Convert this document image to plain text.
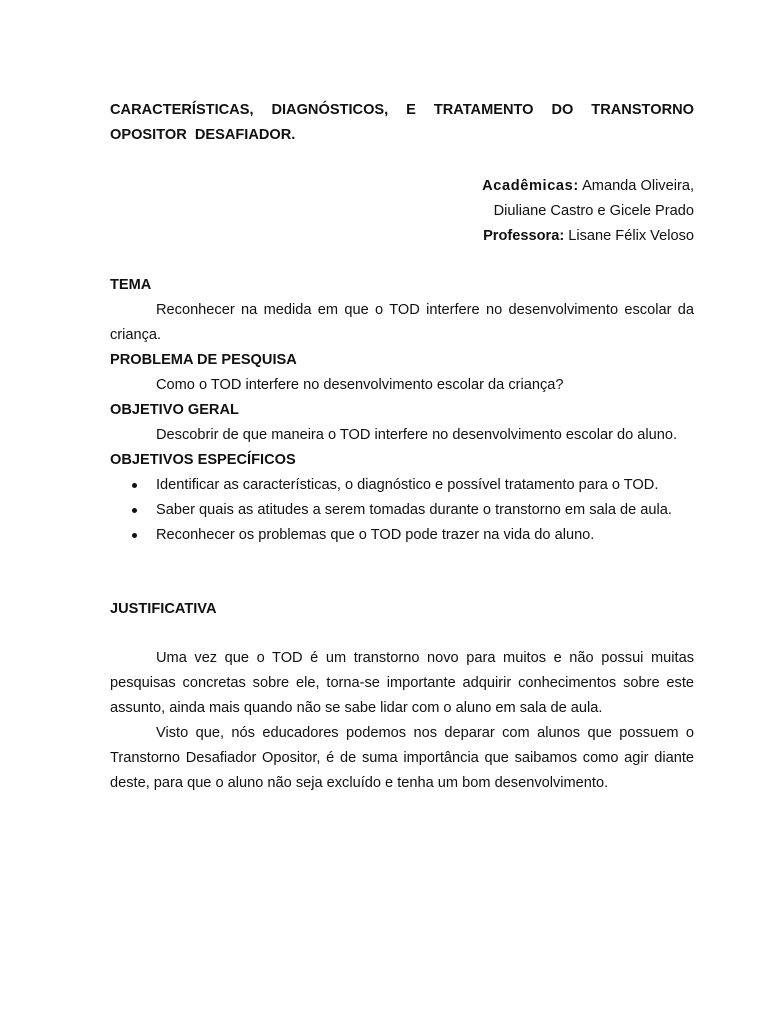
CARACTERÍSTICAS, DIAGNÓSTICOS, E TRATAMENTO DO TRANSTORNO
OPOSITOR DESAFIADOR.

Acadêmicas: Amanda Oliveira,
Diuliane Castro e Gicele Prado
Professora: Lisane Félix Veloso

TEMA

Reconhecer na medida em que o TOD interfere no desenvolvimento escolar da criança.

PROBLEMA DE PESQUISA

Como o TOD interfere no desenvolvimento escolar da criança?

OBJETIVO GERAL

Descobrir de que maneira o TOD interfere no desenvolvimento escolar do aluno.

OBJETIVOS ESPECÍFICOS

Identificar as características, o diagnóstico e possível tratamento para o TOD.
Saber quais as atitudes a serem tomadas durante o transtorno em sala de aula.
Reconhecer os problemas que o TOD pode trazer na vida do aluno.

JUSTIFICATIVA

Uma vez que o TOD é um transtorno novo para muitos e não possui muitas pesquisas concretas sobre ele, torna-se importante adquirir conhecimentos sobre este assunto, ainda mais quando não se sabe lidar com o aluno em sala de aula.

Visto que, nós educadores podemos nos deparar com alunos que possuem o Transtorno Desafiador Opositor, é de suma importância que saibamos como agir diante deste, para que o aluno não seja excluído e tenha um bom desenvolvimento.
